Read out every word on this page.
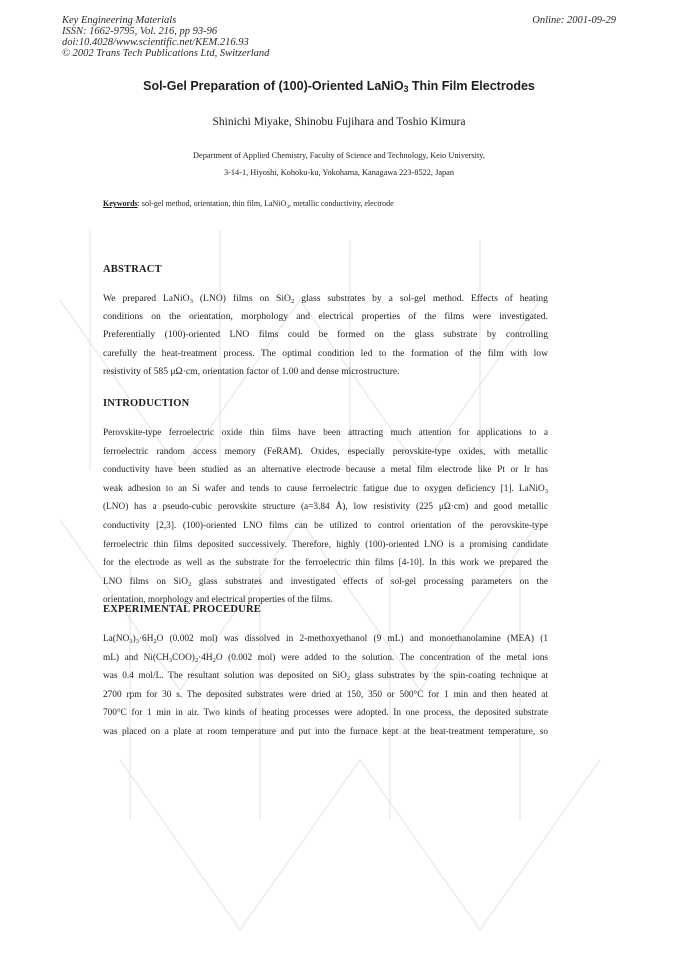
Key Engineering Materials
ISSN: 1662-9795, Vol. 216, pp 93-96
doi:10.4028/www.scientific.net/KEM.216.93
© 2002 Trans Tech Publications Ltd, Switzerland
Online: 2001-09-29
Sol-Gel Preparation of (100)-Oriented LaNiO$_3$ Thin Film Electrodes
Shinichi Miyake, Shinobu Fujihara and Toshio Kimura
Department of Applied Chemistry, Faculty of Science and Technology, Keio University,
3-14-1, Hiyoshi, Kohoku-ku, Yokohama, Kanagawa 223-8522, Japan
Keywords: sol-gel method, orientation, thin film, LaNiO$_3$, metallic conductivity, electrode
ABSTRACT
We prepared LaNiO$_3$ (LNO) films on SiO$_2$ glass substrates by a sol-gel method. Effects of heating
conditions on the orientation, morphology and electrical properties of the films were investigated.
Preferentially (100)-oriented LNO films could be formed on the glass substrate by controlling
carefully the heat-treatment process. The optimal condition led to the formation of the film with low
resistivity of 585 μΩ·cm, orientation factor of 1.00 and dense microstructure.
INTRODUCTION
Perovskite-type ferroelectric oxide thin films have been attracting much attention for applications to a
ferroelectric random access memory (FeRAM). Oxides, especially perovskite-type oxides, with metallic
conductivity have been studied as an alternative electrode because a metal film electrode like Pt or Ir has
weak adhesion to an Si wafer and tends to cause ferroelectric fatigue due to oxygen deficiency [1]. LaNiO$_3$
(LNO) has a pseudo-cubic perovskite structure (a=3.84 Å), low resistivity (225 μΩ·cm) and good metallic
conductivity [2,3]. (100)-oriented LNO films can be utilized to control orientation of the perovskite-type
ferroelectric thin films deposited successively. Therefore, highly (100)-oriented LNO is a promising candidate
for the electrode as well as the substrate for the ferroelectric thin films [4-10]. In this work we prepared the
LNO films on SiO$_2$ glass substrates and investigated effects of sol-gel processing parameters on the
orientation, morphology and electrical properties of the films.
EXPERIMENTAL PROCEDURE
$La(NO_3)_3\cdot 6H_2O$ (0.002 mol) was dissolved in 2-methoxyethanol (9 mL) and monoethanolamine (MEA) (1
mL) and $Ni(CH_3COO)_2\cdot 4H_2O$ (0.002 mol) were added to the solution. The concentration of the metal ions
was 0.4 mol/L. The resultant solution was deposited on SiO$_2$ glass substrates by the spin-coating technique at
2700 rpm for 30 s. The deposited substrates were dried at 150, 350 or 500°C for 1 min and then heated at
700°C for 1 min in air. Two kinds of heating processes were adopted. In one process, the deposited substrate
was placed on a plate at room temperature and put into the furnace kept at the heat-treatment temperature, so
